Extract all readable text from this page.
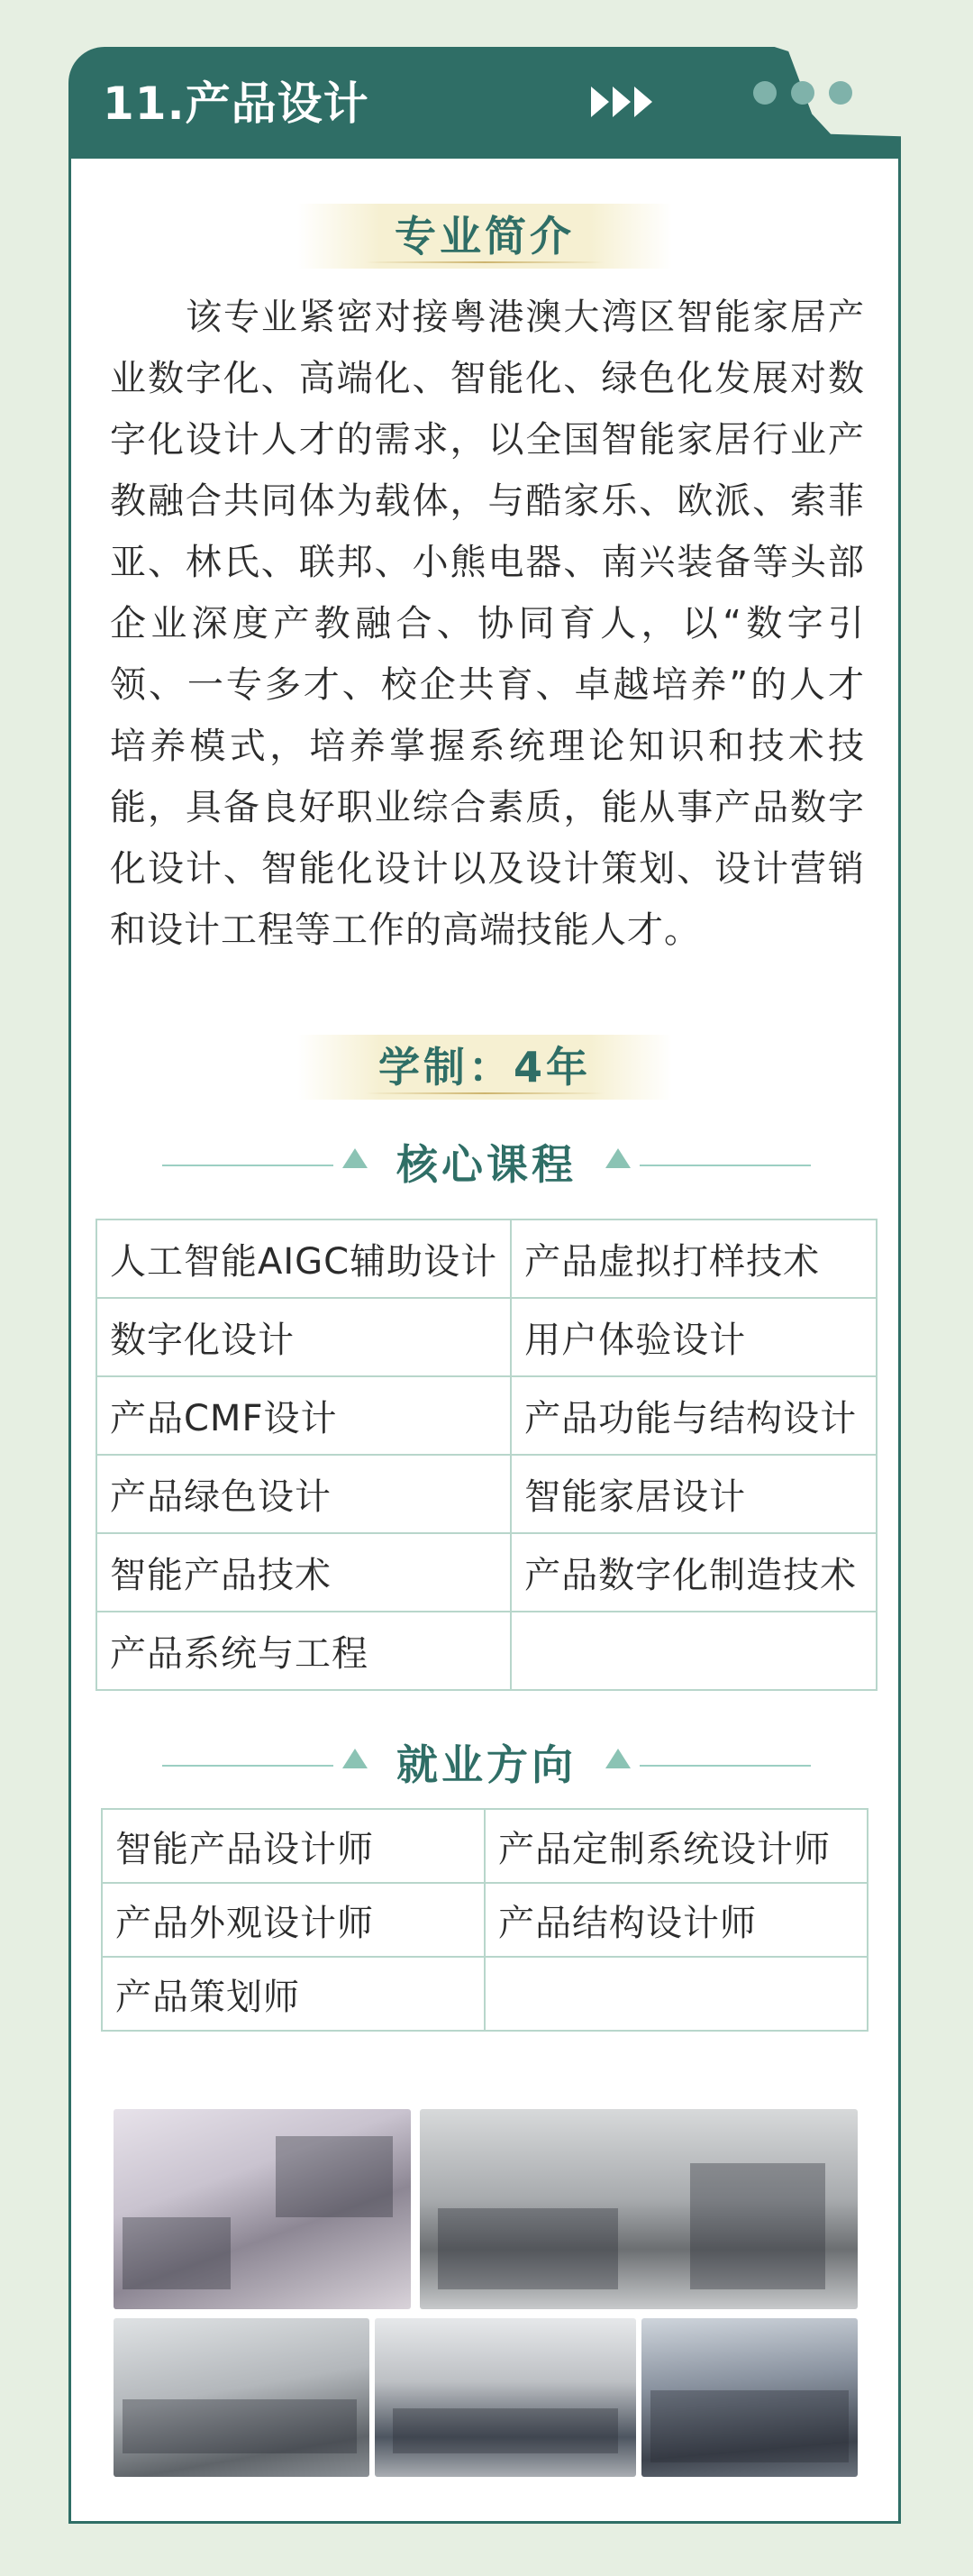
11.产品设计
专业简介
该专业紧密对接粤港澳大湾区智能家居产业数字化、高端化、智能化、绿色化发展对数字化设计人才的需求，以全国智能家居行业产教融合共同体为载体，与酷家乐、欧派、索菲亚、林氏、联邦、小熊电器、南兴装备等头部企业深度产教融合、协同育人，以“数字引领、一专多才、校企共育、卓越培养”的人才培养模式，培养掌握系统理论知识和技术技能，具备良好职业综合素质，能从事产品数字化设计、智能化设计以及设计策划、设计营销和设计工程等工作的高端技能人才。
学制：4年
核心课程
人工智能AIGC辅助设计	产品虚拟打样技术
数字化设计	用户体验设计
产品CMF设计	产品功能与结构设计
产品绿色设计	智能家居设计
智能产品技术	产品数字化制造技术
产品系统与工程	
就业方向
智能产品设计师	产品定制系统设计师
产品外观设计师	产品结构设计师
产品策划师	
